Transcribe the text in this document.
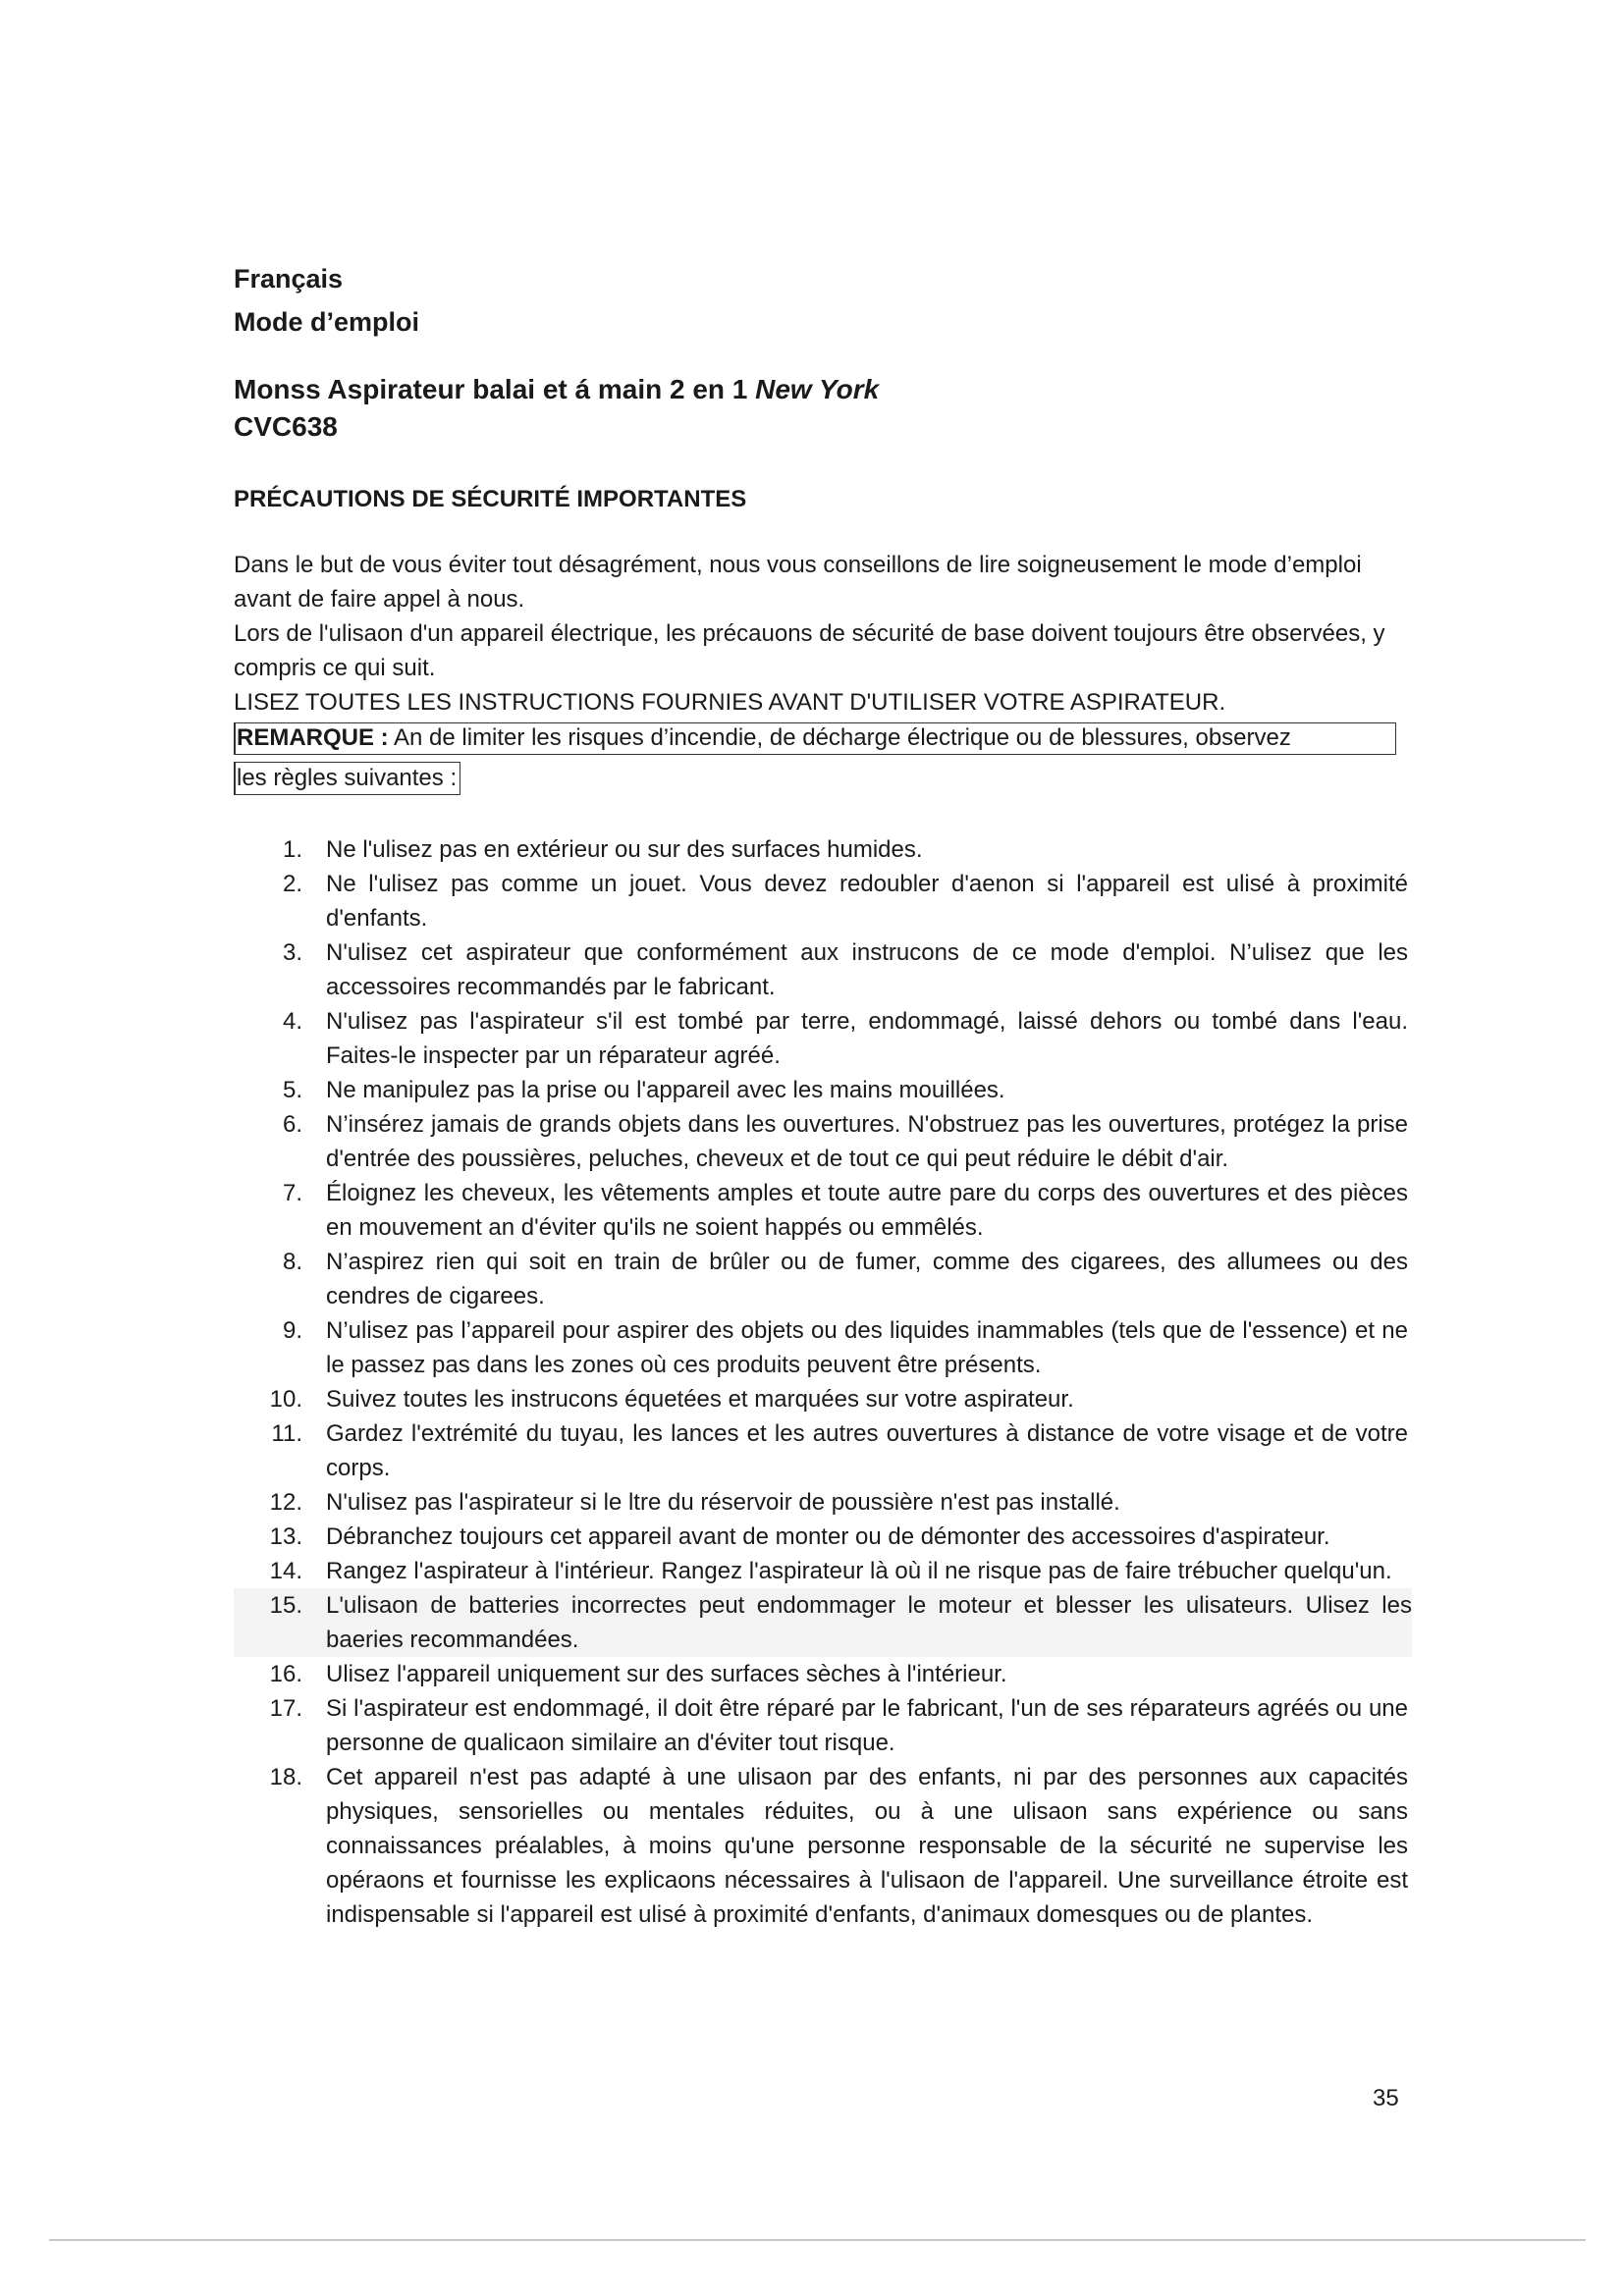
Français
Mode d’emploi
Monss Aspirateur balai et á main 2 en 1 New York
CVC638
PRÉCAUTIONS DE SÉCURITÉ IMPORTANTES

Dans le but de vous éviter tout désagrément, nous vous conseillons de lire soigneusement le mode d’emploi avant de faire appel à nous.

Lors de l'ulisaon d'un appareil électrique, les précauons de sécurité de base doivent toujours être observées, y compris ce qui suit.

LISEZ TOUTES LES INSTRUCTIONS FOURNIES AVANT D'UTILISER VOTRE ASPIRATEUR.

REMARQUE : An de limiter les risques d’incendie, de décharge électrique ou de blessures, observez
les règles suivantes :
1. Ne l'ulisez pas en extérieur ou sur des surfaces humides.
2. Ne l'ulisez pas comme un jouet. Vous devez redoubler d'aenon si l'appareil est ulisé à proximité d'enfants.
3. N'ulisez cet aspirateur que conformément aux instrucons de ce mode d'emploi. N’ulisez que les accessoires recommandés par le fabricant.
4. N'ulisez pas l'aspirateur s'il est tombé par terre, endommagé, laissé dehors ou tombé dans l'eau. Faites-le inspecter par un réparateur agréé.
5. Ne manipulez pas la prise ou l'appareil avec les mains mouillées.
6. N’insérez jamais de grands objets dans les ouvertures. N'obstruez pas les ouvertures, protégez la prise d'entrée des poussières, peluches, cheveux et de tout ce qui peut réduire le débit d'air.
7. Éloignez les cheveux, les vêtements amples et toute autre pare du corps des ouvertures et des pièces en mouvement an d'éviter qu'ils ne soient happés ou emmêlés.
8. N’aspirez rien qui soit en train de brûler ou de fumer, comme des cigarees, des allumees ou des cendres de cigarees.
9. N’ulisez pas l’appareil pour aspirer des objets ou des liquides inammables (tels que de l'essence) et ne le passez pas dans les zones où ces produits peuvent être présents.
10. Suivez toutes les instrucons équetées et marquées sur votre aspirateur.
11. Gardez l'extrémité du tuyau, les lances et les autres ouvertures à distance de votre visage et de votre corps.
12. N'ulisez pas l'aspirateur si le ltre du réservoir de poussière n'est pas installé.
13. Débranchez toujours cet appareil avant de monter ou de démonter des accessoires d'aspirateur.
14. Rangez l'aspirateur à l'intérieur. Rangez l'aspirateur là où il ne risque pas de faire trébucher quelqu'un.
15. L'ulisaon de batteries incorrectes peut endommager le moteur et blesser les ulisateurs. Ulisez les baeries recommandées.
16. Ulisez l'appareil uniquement sur des surfaces sèches à l'intérieur.
17. Si l'aspirateur est endommagé, il doit être réparé par le fabricant, l'un de ses réparateurs agréés ou une personne de qualicaon similaire an d'éviter tout risque.
18. Cet appareil n'est pas adapté à une ulisaon par des enfants, ni par des personnes aux capacités physiques, sensorielles ou mentales réduites, ou à une ulisaon sans expérience ou sans connaissances préalables, à moins qu'une personne responsable de la sécurité ne supervise les opéraons et fournisse les explicaons nécessaires à l'ulisaon de l'appareil. Une surveillance étroite est indispensable si l'appareil est ulisé à proximité d'enfants, d'animaux domesques ou de plantes.
35
